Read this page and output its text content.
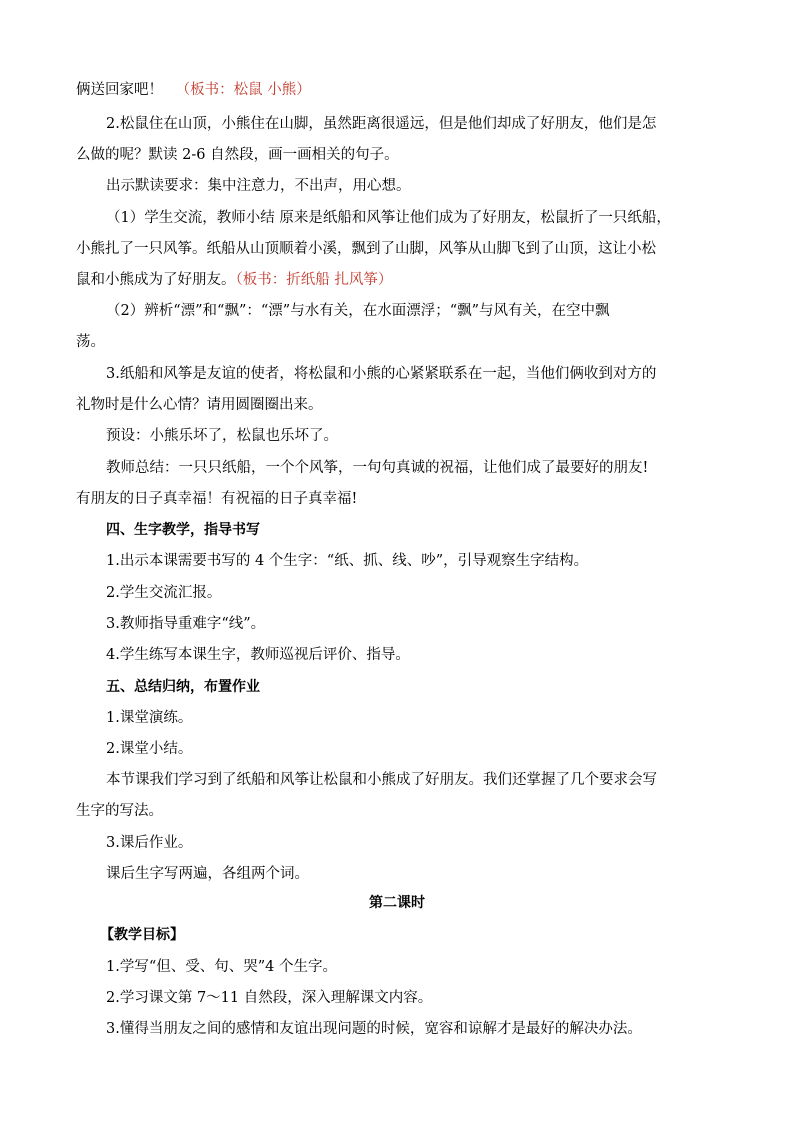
俩送回家吧！ （板书：松鼠 小熊）
2.松鼠住在山顶，小熊住在山脚，虽然距离很遥远，但是他们却成了好朋友，他们是怎
么做的呢？默读 2-6 自然段，画一画相关的句子。
出示默读要求：集中注意力，不出声，用心想。
（1）学生交流，教师小结 原来是纸船和风筝让他们成为了好朋友，松鼠折了一只纸船，
小熊扎了一只风筝。纸船从山顶顺着小溪，飘到了山脚，风筝从山脚飞到了山顶，这让小松
鼠和小熊成为了好朋友。（板书：折纸船 扎风筝）
（2）辨析“漂”和“飘”：“漂”与水有关，在水面漂浮；“飘”与风有关，在空中飘
荡。
3.纸船和风筝是友谊的使者，将松鼠和小熊的心紧紧联系在一起，当他们俩收到对方的
礼物时是什么心情？请用圆圈圈出来。
预设：小熊乐坏了，松鼠也乐坏了。
教师总结：一只只纸船，一个个风筝，一句句真诚的祝福，让他们成了最要好的朋友!
有朋友的日子真幸福！有祝福的日子真幸福!
四、生字教学，指导书写
1.出示本课需要书写的 4 个生字：“纸、抓、线、吵”，引导观察生字结构。
2.学生交流汇报。
3.教师指导重难字“线”。
4.学生练写本课生字，教师巡视后评价、指导。
五、总结归纳，布置作业
1.课堂演练。
2.课堂小结。
本节课我们学习到了纸船和风筝让松鼠和小熊成了好朋友。我们还掌握了几个要求会写
生字的写法。
3.课后作业。
课后生字写两遍，各组两个词。
第二课时
【教学目标】
1.学写“但、受、句、哭”4 个生字。
2.学习课文第 7～11 自然段，深入理解课文内容。
3.懂得当朋友之间的感情和友谊出现问题的时候，宽容和谅解才是最好的解决办法。
